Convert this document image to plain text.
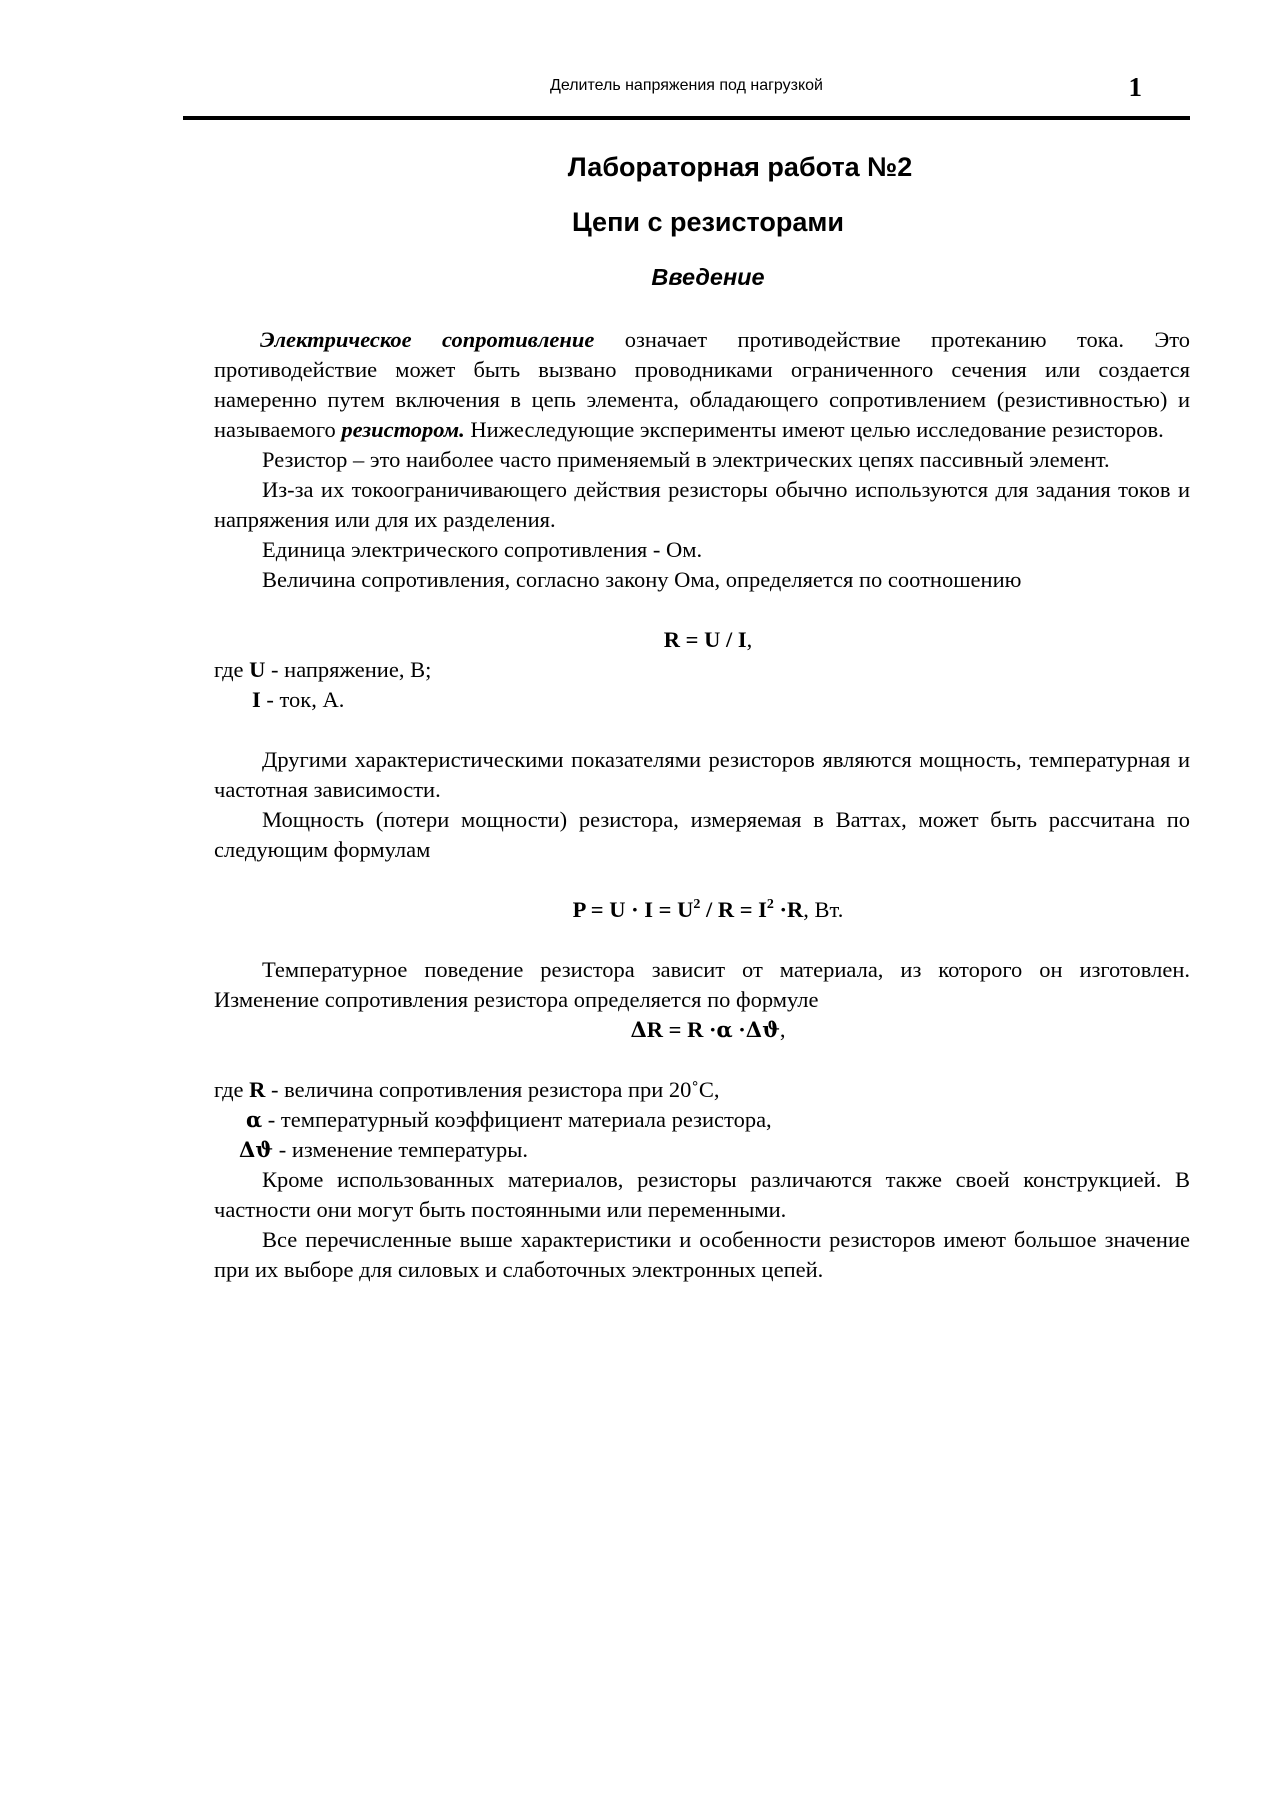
Делитель напряжения под нагрузкой	1
Лабораторная работа №2
Цепи с резисторами
Введение

Электрическое сопротивление означает противодействие протеканию тока. Это противодействие может быть вызвано проводниками ограниченного сечения или создается намеренно путем включения в цепь элемента, обладающего сопротивлением (резистивностью) и называемого резистором. Нижеследующие эксперименты имеют целью исследование резисторов.

Резистор – это наиболее часто применяемый в электрических цепях пассивный элемент.

Из-за их токоограничивающего действия резисторы обычно используются для задания токов и напряжения или для их разделения.

Единица электрического сопротивления - Ом.

Величина сопротивления, согласно закону Ома, определяется по соотношению

R = U / I,

где U - напряжение, В;

I - ток, А.

Другими характеристическими показателями резисторов являются мощность, температурная и частотная зависимости.

Мощность (потери мощности) резистора, измеряемая в Ваттах, может быть рассчитана по следующим формулам

$P = U \cdot I = U^2 / R = I^2 \cdot R$, Вт.

Температурное поведение резистора зависит от материала, из которого он изготовлен. Изменение сопротивления резистора определяется по формуле

ΔR = R ·α ·Δϑ,

где R - величина сопротивления резистора при 20˚С,

α - температурный коэффициент материала резистора,

Δϑ - изменение температуры.

Кроме использованных материалов, резисторы различаются также своей конструкцией. В частности они могут быть постоянными или переменными.

Все перечисленные выше характеристики и особенности резисторов имеют большое значение при их выборе для силовых и слаботочных электронных цепей.
